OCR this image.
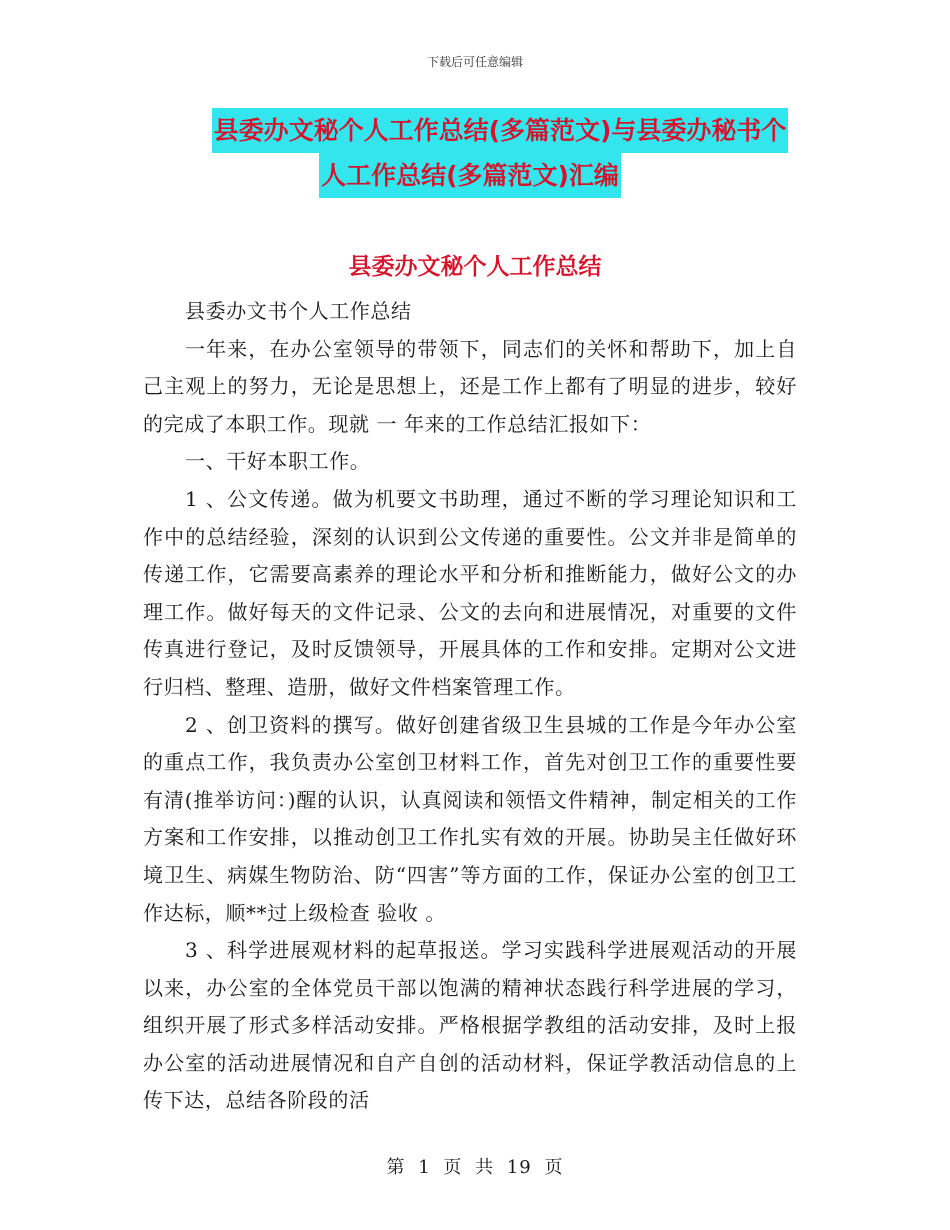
下载后可任意编辑
县委办文秘个人工作总结(多篇范文)与县委办秘书个
人工作总结(多篇范文)汇编
县委办文秘个人工作总结

县委办文书个人工作总结

一年来，在办公室领导的带领下，同志们的关怀和帮助下，加上自己主观上的努力，无论是思想上，还是工作上都有了明显的进步，较好的完成了本职工作。现就 一 年来的工作总结汇报如下：

一、干好本职工作。

1 、公文传递。做为机要文书助理，通过不断的学习理论知识和工作中的总结经验，深刻的认识到公文传递的重要性。公文并非是简单的传递工作，它需要高素养的理论水平和分析和推断能力，做好公文的办理工作。做好每天的文件记录、公文的去向和进展情况，对重要的文件传真进行登记，及时反馈领导，开展具体的工作和安排。定期对公文进行归档、整理、造册，做好文件档案管理工作。

2 、创卫资料的撰写。做好创建省级卫生县城的工作是今年办公室的重点工作，我负责办公室创卫材料工作，首先对创卫工作的重要性要有清(推举访问：)醒的认识，认真阅读和领悟文件精神，制定相关的工作方案和工作安排，以推动创卫工作扎实有效的开展。协助吴主任做好环境卫生、病媒生物防治、防“四害”等方面的工作，保证办公室的创卫工作达标，顺**过上级检查 验收 。

3 、科学进展观材料的起草报送。学习实践科学进展观活动的开展以来，办公室的全体党员干部以饱满的精神状态践行科学进展的学习，组织开展了形式多样活动安排。严格根据学教组的活动安排，及时上报办公室的活动进展情况和自产自创的活动材料，保证学教活动信息的上传下达，总结各阶段的活

第 1 页 共 19 页
